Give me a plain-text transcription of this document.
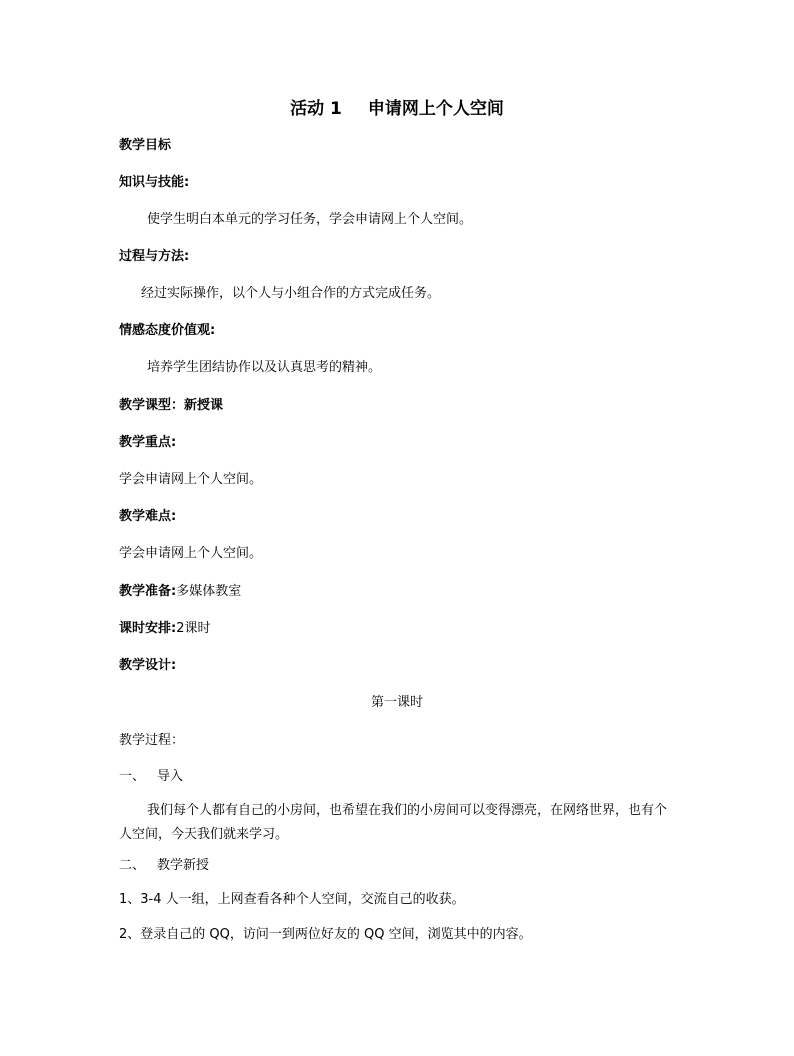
活动 1 申请网上个人空间
教学目标
知识与技能:
使学生明白本单元的学习任务，学会申请网上个人空间。
过程与方法:
经过实际操作，以个人与小组合作的方式完成任务。
情感态度价值观:
培养学生团结协作以及认真思考的精神。
教学课型：新授课
教学重点:
学会申请网上个人空间。
教学难点:
学会申请网上个人空间。
教学准备:多媒体教室
课时安排:2课时
教学设计:
第一课时
教学过程：
一、 导入
我们每个人都有自己的小房间，也希望在我们的小房间可以变得漂亮，在网络世界，也有个人空间，今天我们就来学习。
二、 教学新授
1、3-4 人一组，上网查看各种个人空间，交流自己的收获。
2、登录自己的 QQ，访问一到两位好友的 QQ 空间，浏览其中的内容。
